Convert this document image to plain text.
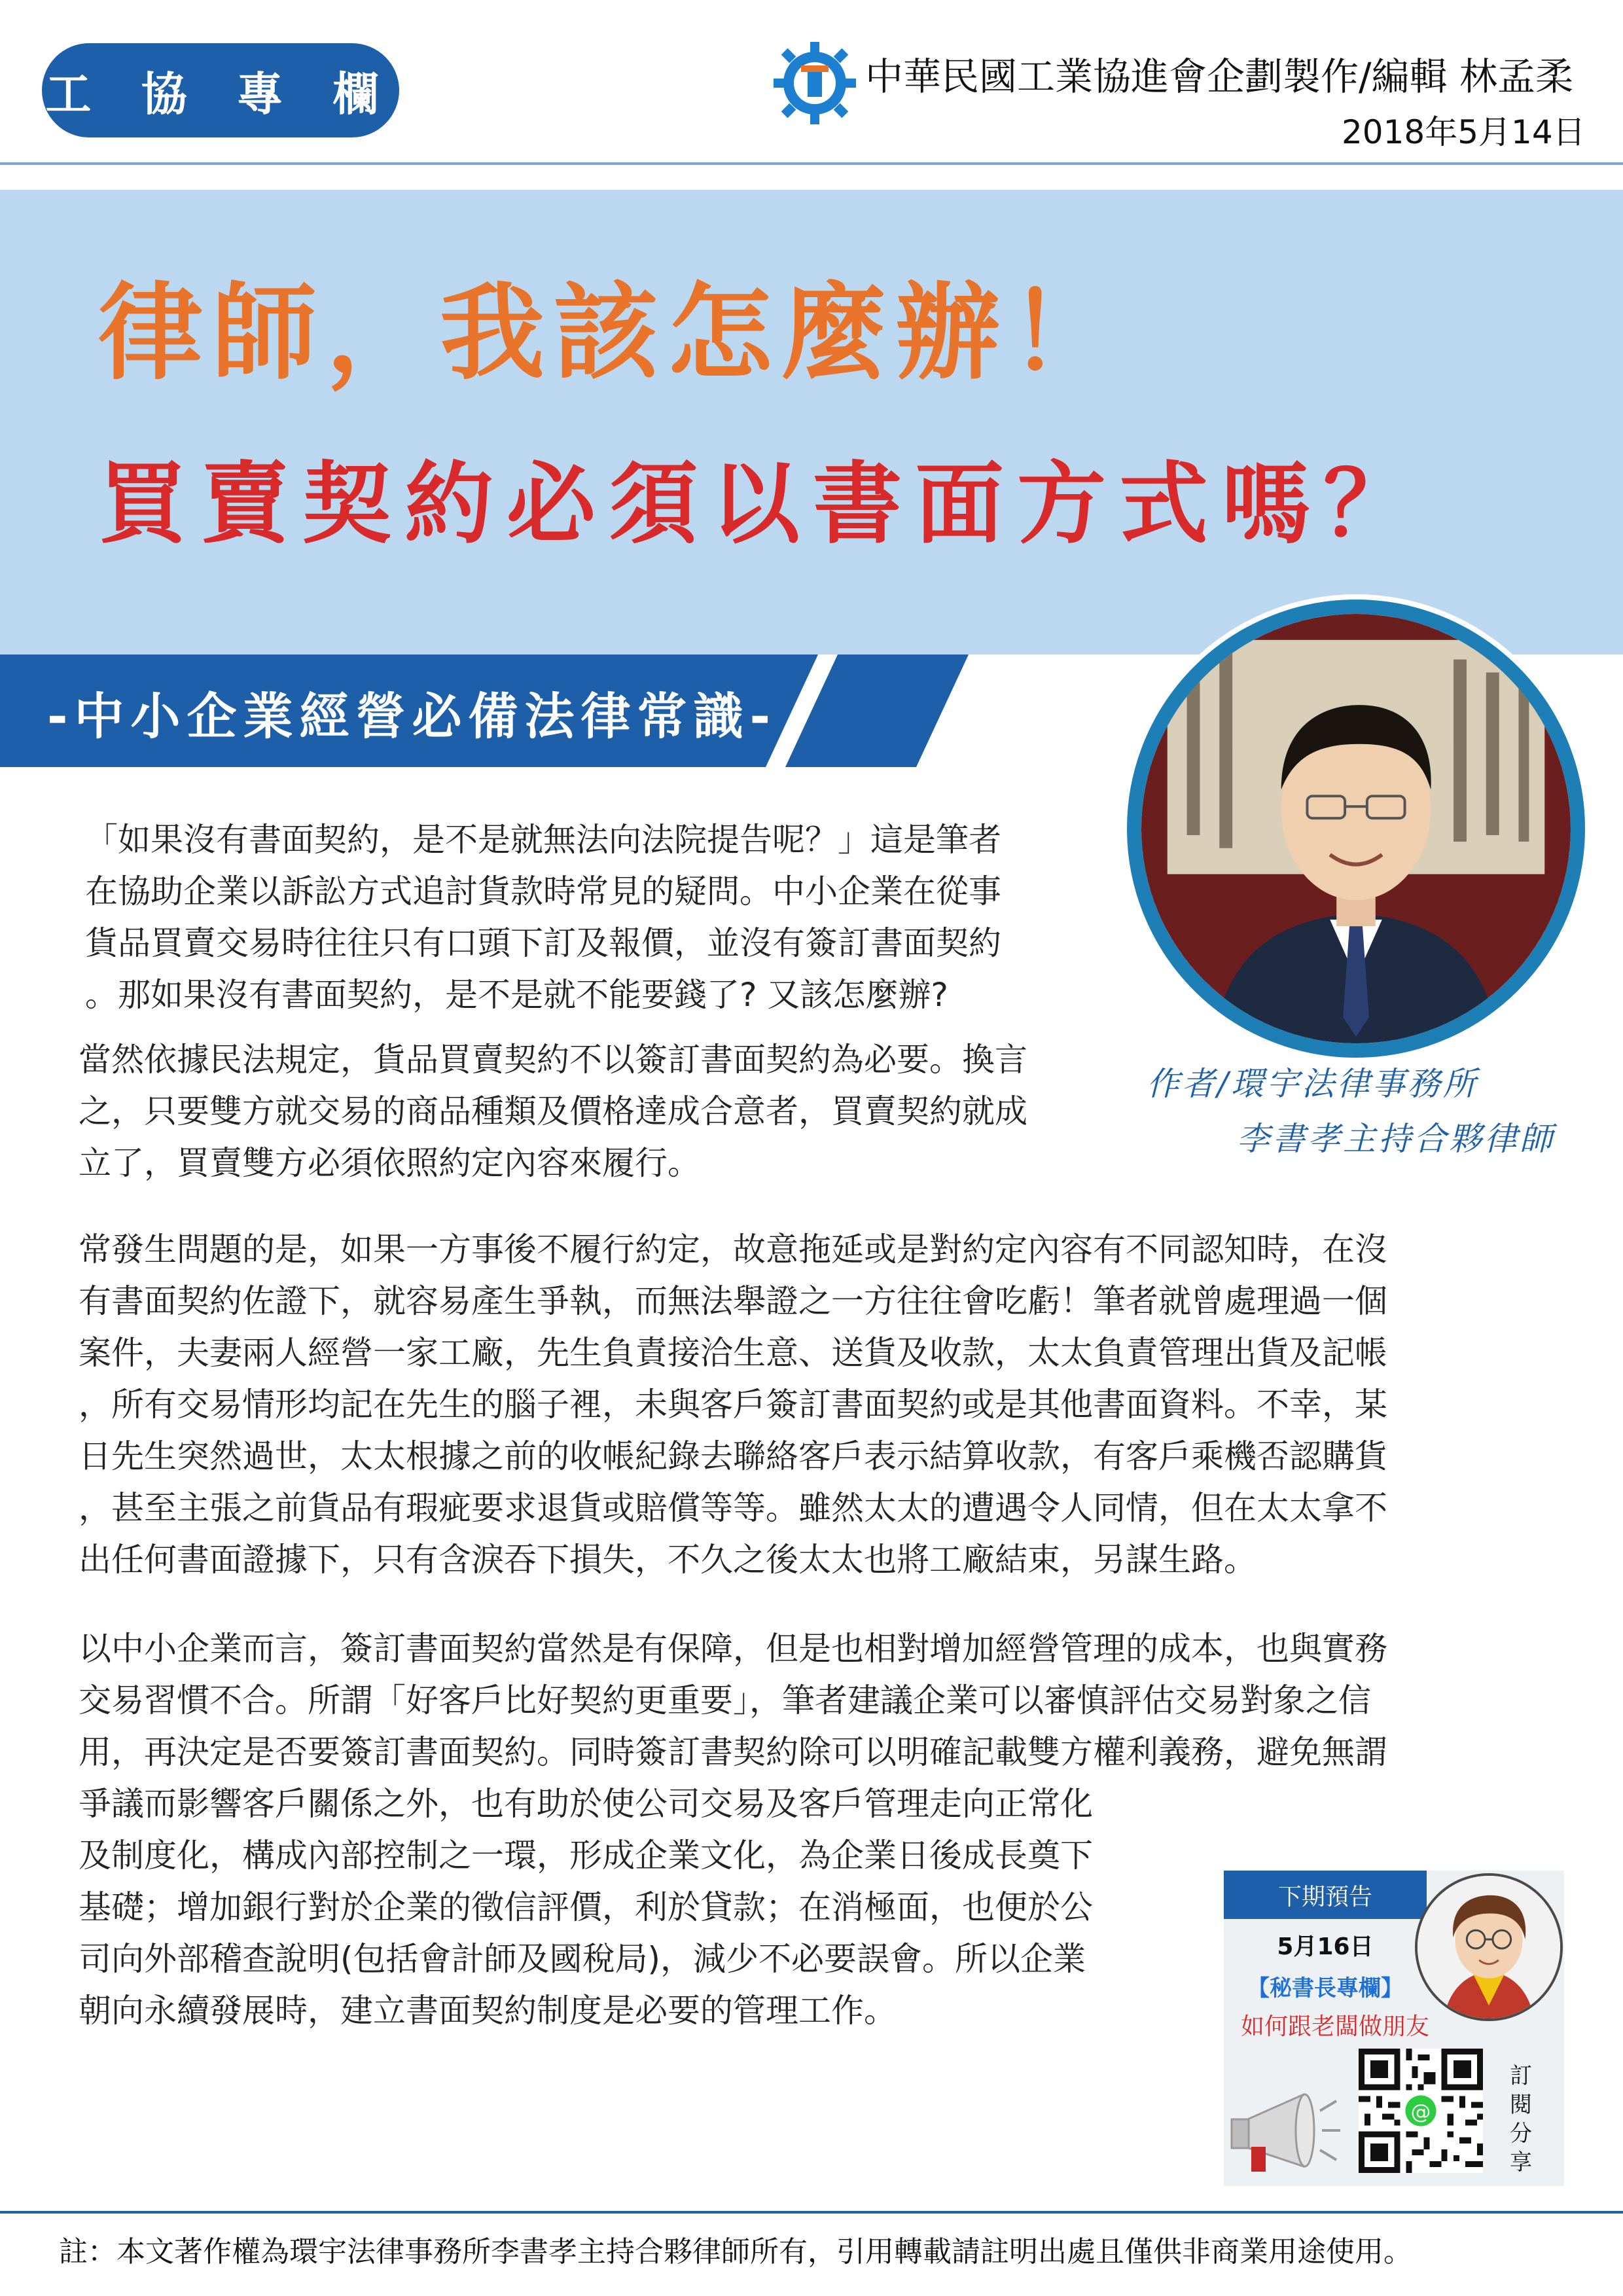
工 協 專 欄	中華民國工業協進會企劃製作/編輯 林孟柔
2018年5月14日
律師，我該怎麼辦！
買賣契約必須以書面方式嗎？
-中小企業經營必備法律常識-
作者/環宇法律事務所
李書孝主持合夥律師
「如果沒有書面契約，是不是就無法向法院提告呢？」這是筆者
在協助企業以訴訟方式追討貨款時常見的疑問。中小企業在從事
貨品買賣交易時往往只有口頭下訂及報價，並沒有簽訂書面契約
。那如果沒有書面契約，是不是就不能要錢了? 又該怎麼辦?
當然依據民法規定，貨品買賣契約不以簽訂書面契約為必要。換言
之，只要雙方就交易的商品種類及價格達成合意者，買賣契約就成
立了，買賣雙方必須依照約定內容來履行。
常發生問題的是，如果一方事後不履行約定，故意拖延或是對約定內容有不同認知時，在沒
有書面契約佐證下，就容易產生爭執，而無法舉證之一方往往會吃虧！筆者就曾處理過一個
案件，夫妻兩人經營一家工廠，先生負責接洽生意、送貨及收款，太太負責管理出貨及記帳
，所有交易情形均記在先生的腦子裡，未與客戶簽訂書面契約或是其他書面資料。不幸，某
日先生突然過世，太太根據之前的收帳紀錄去聯絡客戶表示結算收款，有客戶乘機否認購貨
，甚至主張之前貨品有瑕疵要求退貨或賠償等等。雖然太太的遭遇令人同情，但在太太拿不
出任何書面證據下，只有含淚吞下損失，不久之後太太也將工廠結束，另謀生路。
以中小企業而言，簽訂書面契約當然是有保障，但是也相對增加經營管理的成本，也與實務
交易習慣不合。所謂「好客戶比好契約更重要」，筆者建議企業可以審慎評估交易對象之信
用，再決定是否要簽訂書面契約。同時簽訂書契約除可以明確記載雙方權利義務，避免無謂
爭議而影響客戶關係之外，也有助於使公司交易及客戶管理走向正常化
及制度化，構成內部控制之一環，形成企業文化，為企業日後成長奠下
基礎；增加銀行對於企業的徵信評價，利於貸款；在消極面，也便於公
司向外部稽查說明(包括會計師及國稅局)，減少不必要誤會。所以企業
朝向永續發展時，建立書面契約制度是必要的管理工作。
下期預告
5月16日
【秘書長專欄】
如何跟老闆做朋友
@
訂閱分享
註：本文著作權為環宇法律事務所李書孝主持合夥律師所有，引用轉載請註明出處且僅供非商業用途使用。
